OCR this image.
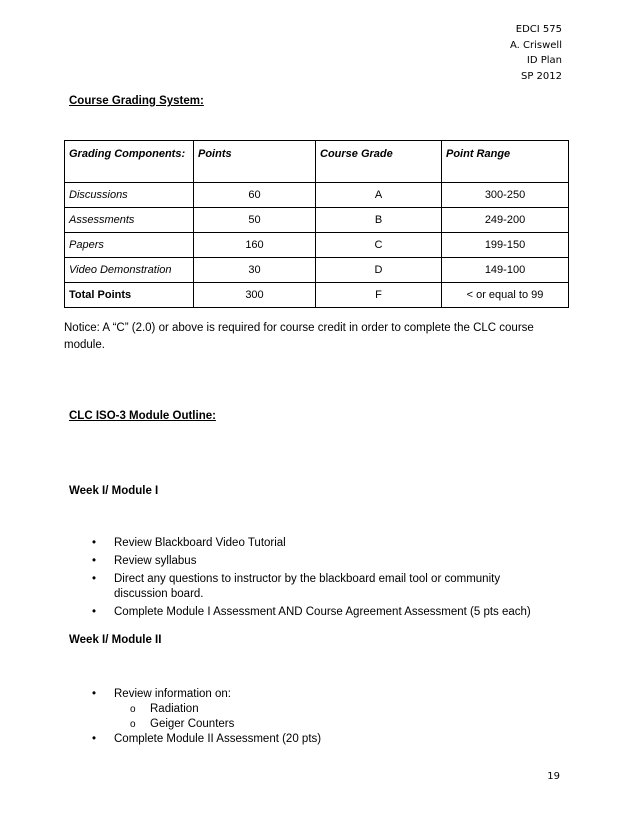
EDCI 575
A. Criswell
ID Plan
SP 2012
Course Grading System:
Grading Components:	Points	Course Grade	Point Range
Discussions	60	A	300-250
Assessments	50	B	249-200
Papers	160	C	199-150
Video Demonstration	30	D	149-100
Total Points	300	F	< or equal to 99
Notice: A “C” (2.0) or above is required for course credit in order to complete the CLC course module.
CLC ISO-3 Module Outline:
Week I/ Module I
• Review Blackboard Video Tutorial
• Review syllabus
• Direct any questions to instructor by the blackboard email tool or community discussion board.
• Complete Module I Assessment AND Course Agreement Assessment (5 pts each)
Week I/ Module II
• Review information on:
o Radiation
o Geiger Counters
• Complete Module II Assessment (20 pts)
19
